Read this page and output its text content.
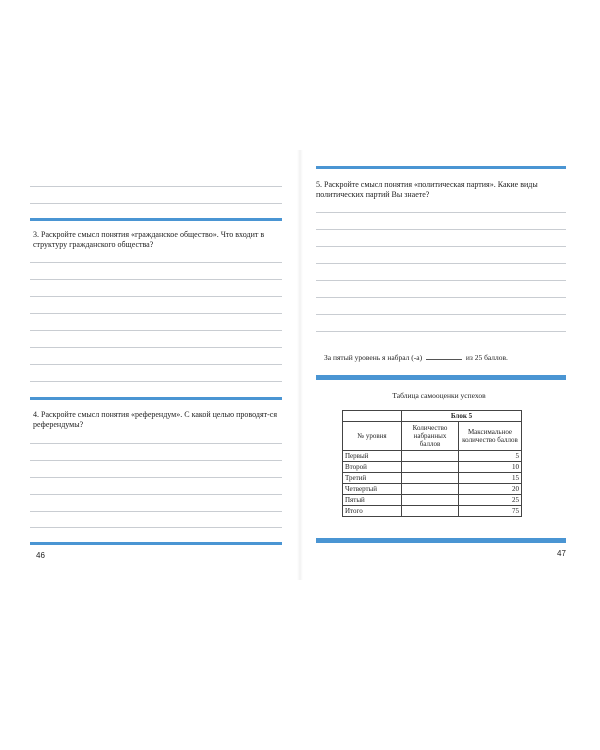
3. Раскройте смысл понятия «гражданское общество». Что входит в структуру гражданского общества?

4. Раскройте смысл понятия «референдум». С какой целью проводят-ся референдумы?

46

5. Раскройте смысл понятия «политическая партия». Какие виды политических партий Вы знаете?

За пятый уровень я набрал (-а)	из 25 баллов.
Таблица самооценки успехов
	Блок 5	
№ уровня	Количество набранных баллов	Максимальное количество баллов
Первый		5
Второй		10
Третий		15
Четвертый		20
Пятый		25
Итого		75
47
